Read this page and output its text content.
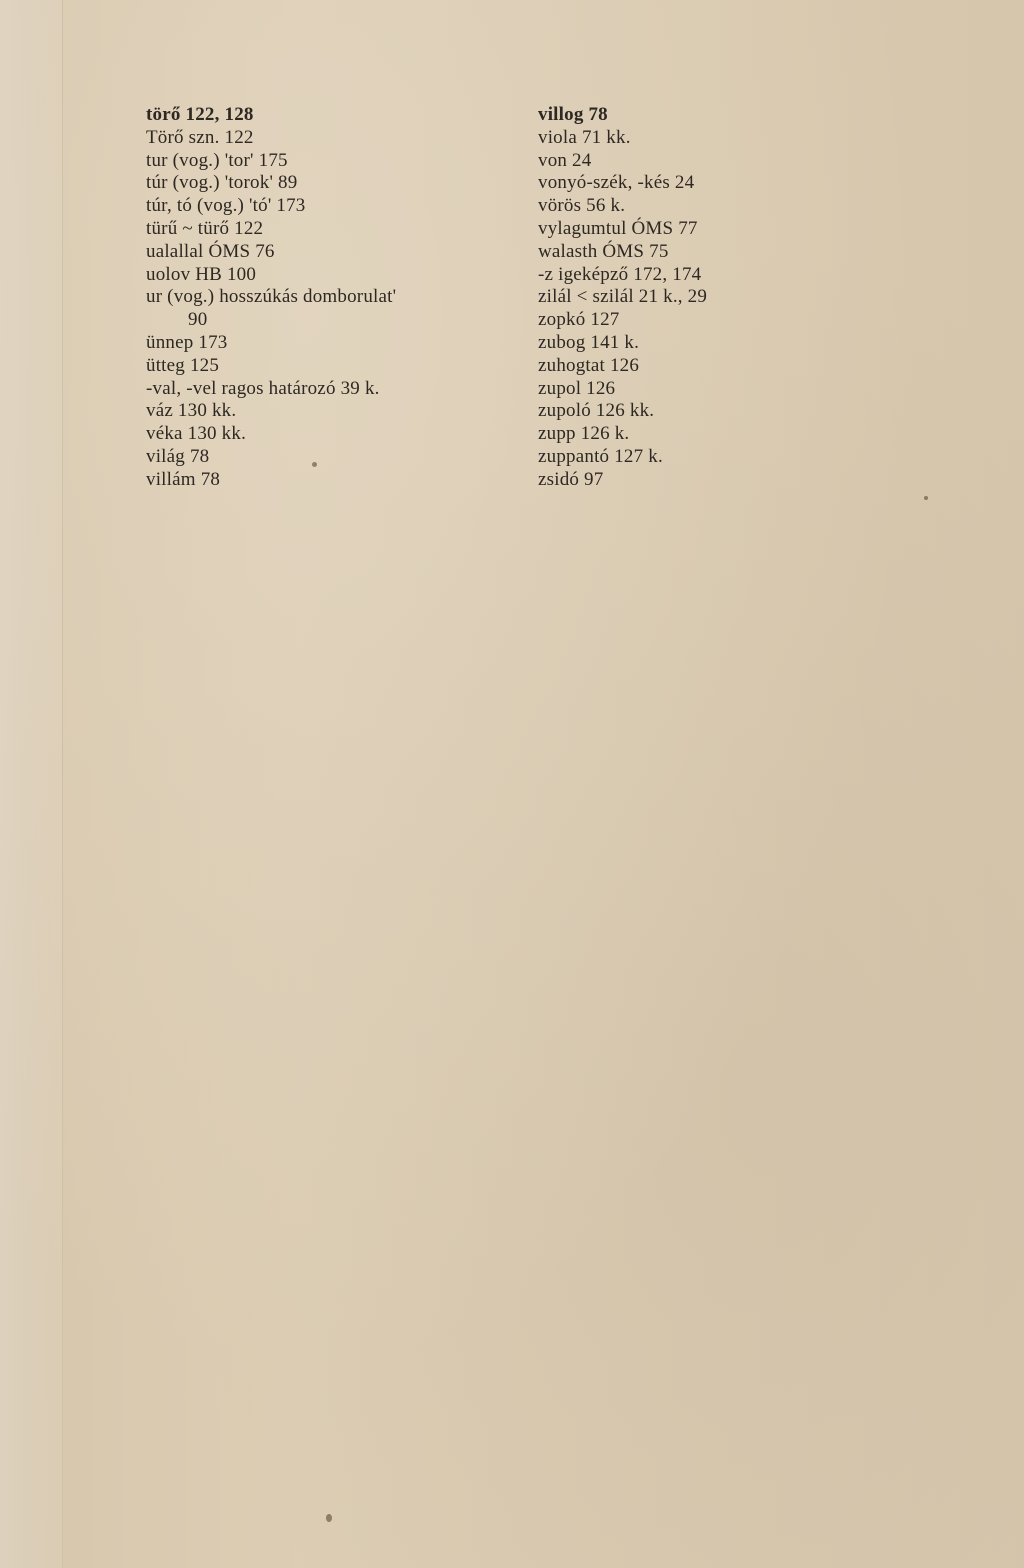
törő 122, 128
Törő szn. 122
tur (vog.) 'tor' 175
túr (vog.) 'torok' 89
túr, tó (vog.) 'tó' 173
türű ~ türő 122
ualallal ÓMS 76
uolov HB 100
ur (vog.) hosszúkás domborulat'
90
ünnep 173
ütteg 125
-val, -vel ragos határozó 39 k.
váz 130 kk.
véka 130 kk.
világ 78
villám 78
villog 78
viola 71 kk.
von 24
vonyó-szék, -kés 24
vörös 56 k.
vylagumtul ÓMS 77
walasth ÓMS 75
-z igeképző 172, 174
zilál < szilál 21 k., 29
zopkó 127
zubog 141 k.
zuhogtat 126
zupol 126
zupoló 126 kk.
zupp 126 k.
zuppantó 127 k.
zsidó 97
